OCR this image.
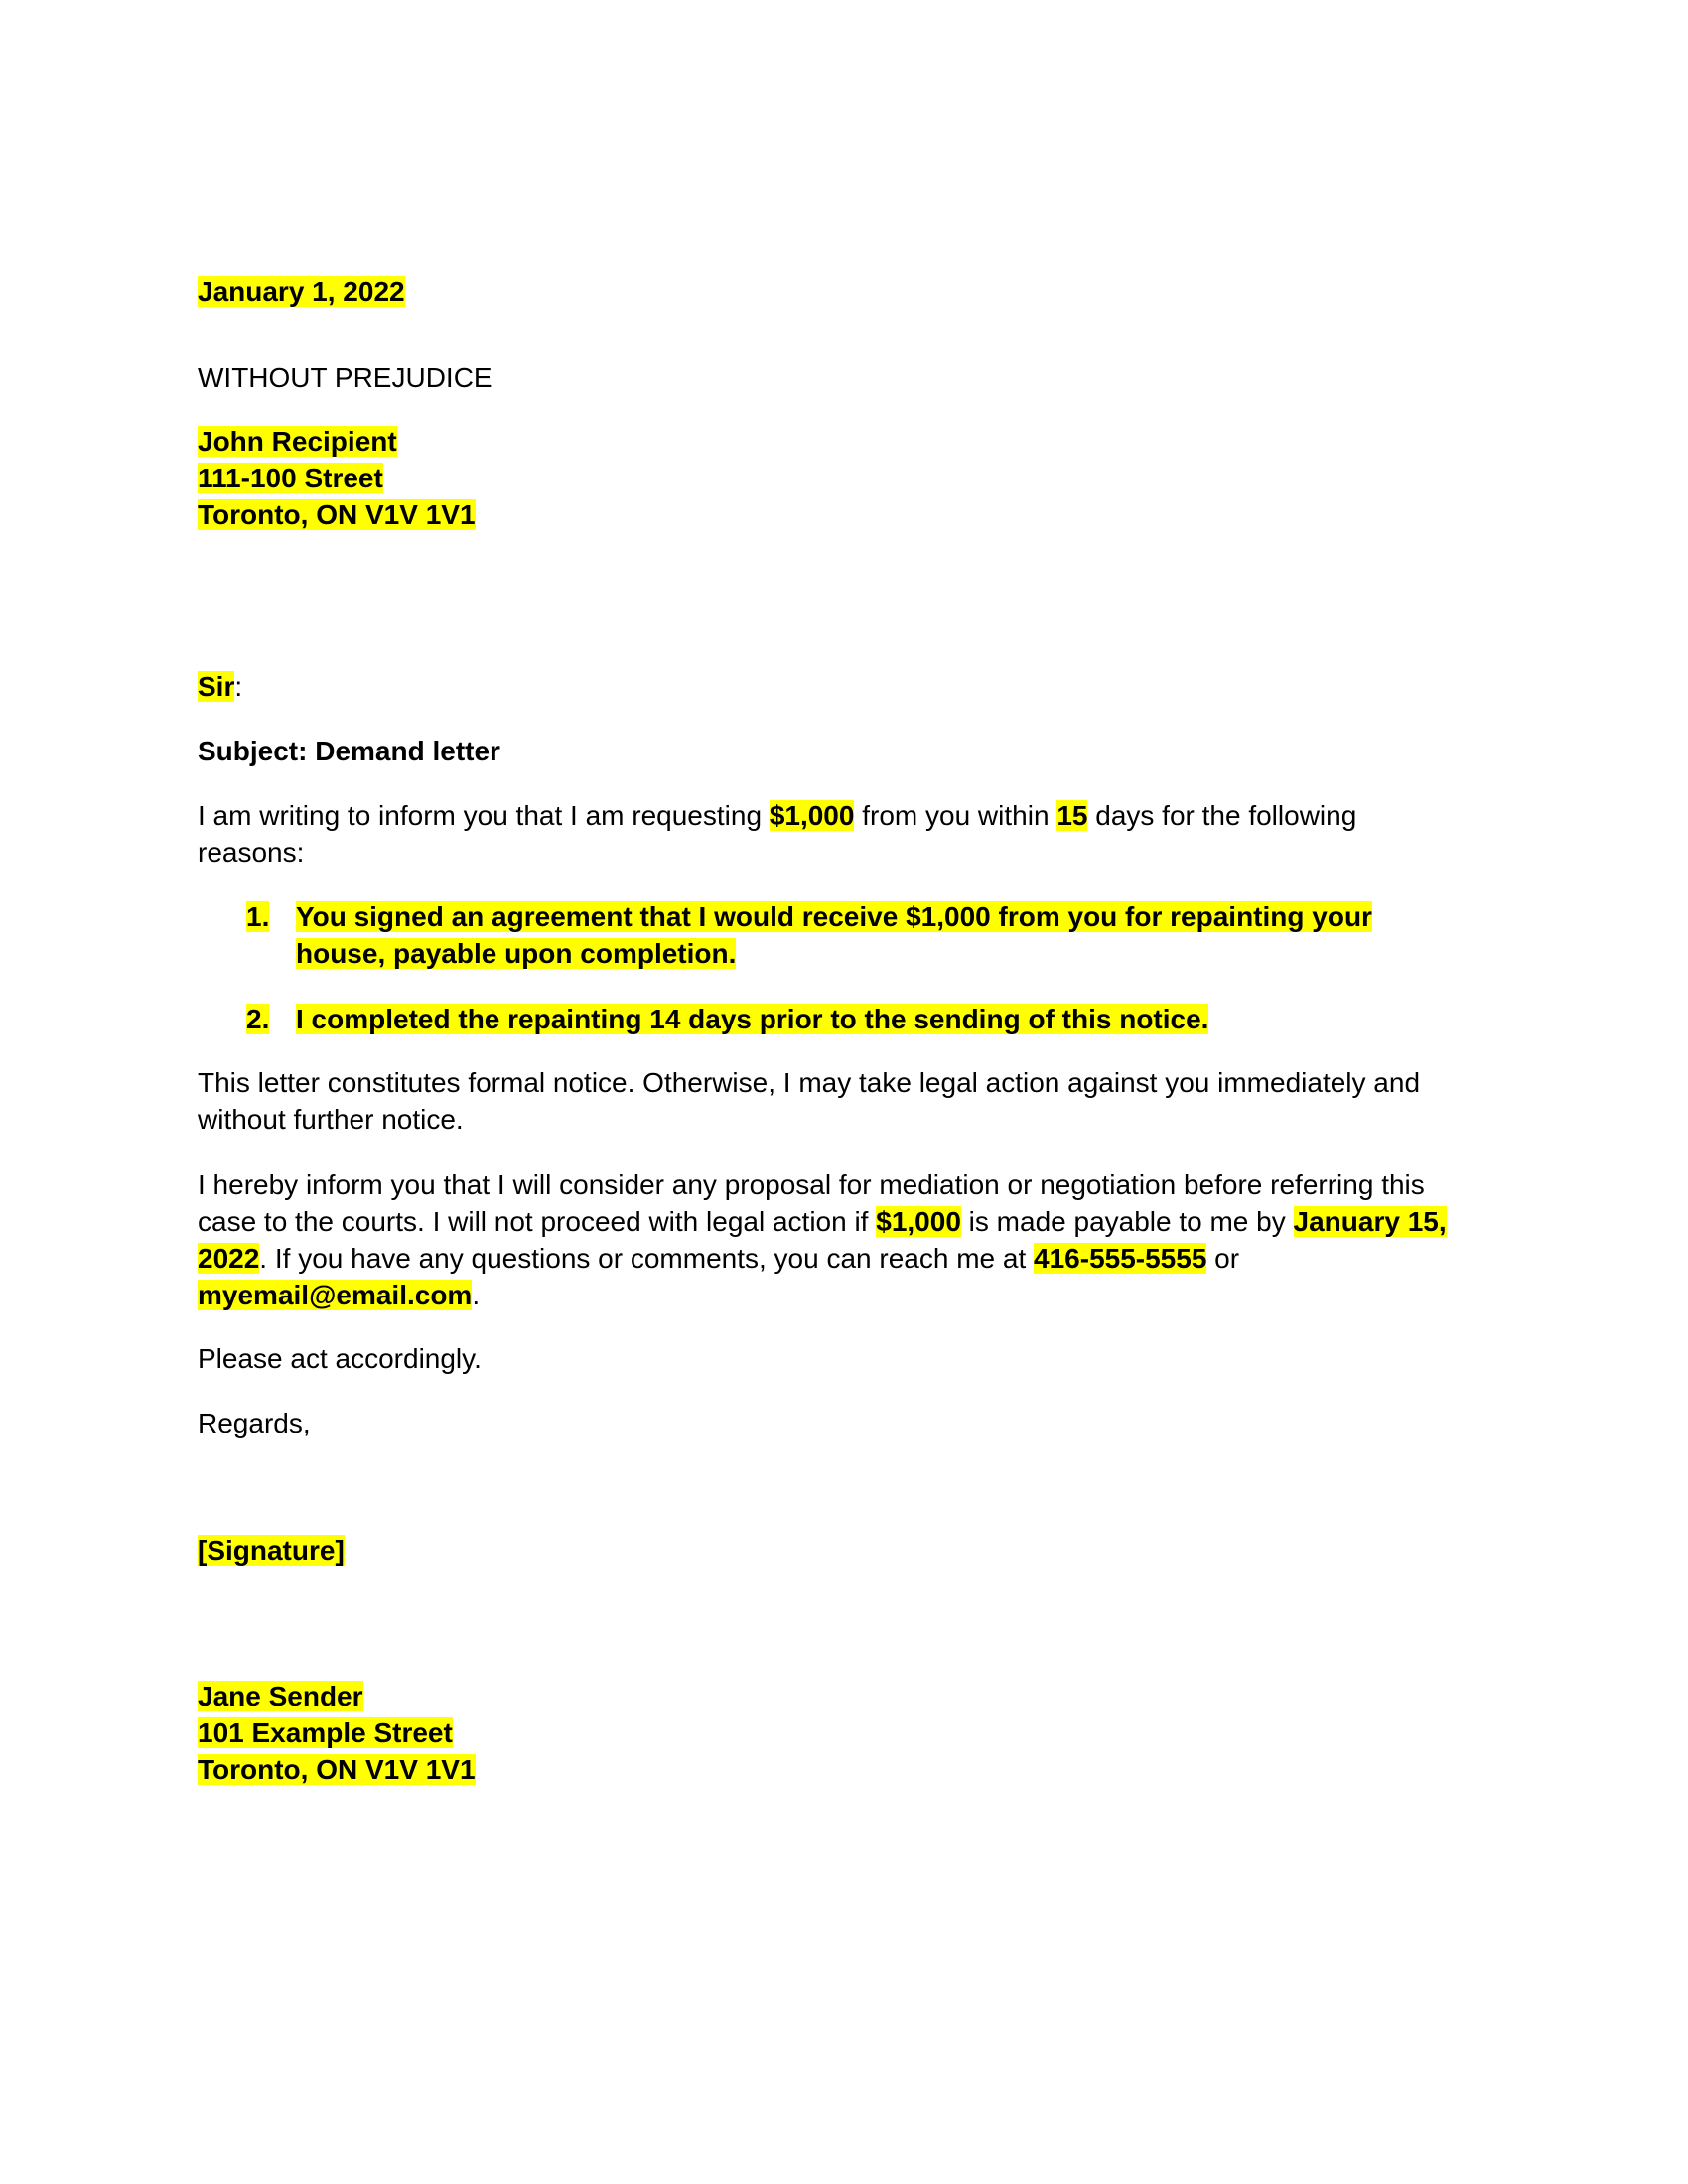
January 1, 2022
WITHOUT PREJUDICE
John Recipient
111-100 Street
Toronto, ON V1V 1V1
Sir:
Subject: Demand letter
I am writing to inform you that I am requesting $1,000 from you within 15 days for the following reasons:
1. You signed an agreement that I would receive $1,000 from you for repainting your house, payable upon completion.
2. I completed the repainting 14 days prior to the sending of this notice.
This letter constitutes formal notice. Otherwise, I may take legal action against you immediately and without further notice.
I hereby inform you that I will consider any proposal for mediation or negotiation before referring this case to the courts. I will not proceed with legal action if $1,000 is made payable to me by January 15,
2022. If you have any questions or comments, you can reach me at 416-555-5555 or
myemail@email.com.
Please act accordingly.
Regards,
[Signature]
Jane Sender
101 Example Street
Toronto, ON V1V 1V1
